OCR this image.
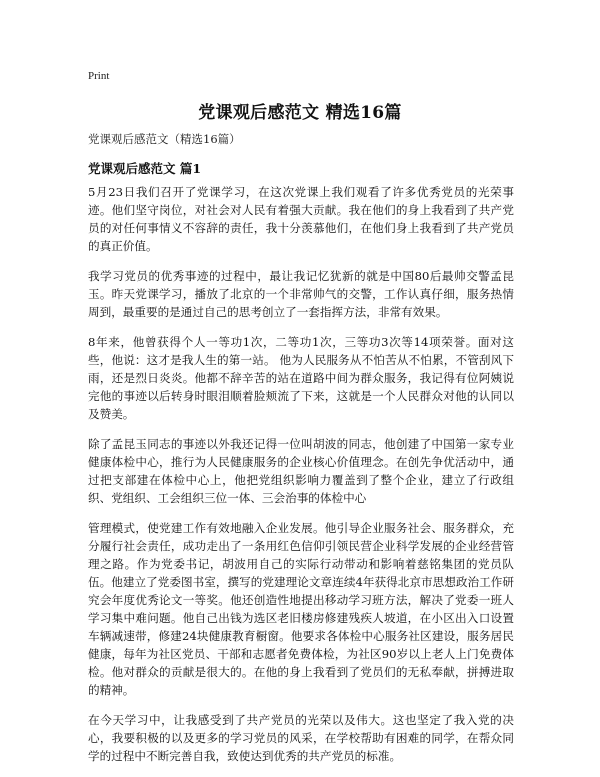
Print
党课观后感范文 精选16篇
党课观后感范文（精选16篇）
党课观后感范文 篇1

5月23日我们召开了党课学习，在这次党课上我们观看了许多优秀党员的光荣事迹。他们坚守岗位，对社会对人民有着强大贡献。我在他们的身上我看到了共产党员的对任何事情义不容辞的责任，我十分羡慕他们，在他们身上我看到了共产党员的真正价值。

我学习党员的优秀事迹的过程中，最让我记忆犹新的就是中国80后最帅交警孟昆玉。昨天党课学习，播放了北京的一个非常帅气的交警，工作认真仔细，服务热情周到，最重要的是通过自己的思考创立了一套指挥方法，非常有效果。

8年来，他曾获得个人一等功1次，二等功1次，三等功3次等14项荣誉。面对这些，他说：这才是我人生的第一站。 他为人民服务从不怕苦从不怕累，不管刮风下雨，还是烈日炎炎。他都不辞辛苦的站在道路中间为群众服务，我记得有位阿姨说完他的事迹以后转身时眼泪顺着脸颊流了下来，这就是一个人民群众对他的认同以及赞美。

除了孟昆玉同志的事迹以外我还记得一位叫胡波的同志，他创建了中国第一家专业健康体检中心，推行为人民健康服务的企业核心价值理念。在创先争优活动中，通过把支部建在体检中心上，他把党组织影响力覆盖到了整个企业，建立了行政组织、党组织、工会组织三位一体、三会治事的体检中心

管理模式，使党建工作有效地融入企业发展。他引导企业服务社会、服务群众，充分履行社会责任，成功走出了一条用红色信仰引领民营企业科学发展的企业经营管理之路。作为党委书记，胡波用自己的实际行动带动和影响着慈铭集团的党员队伍。他建立了党委图书室，撰写的党建理论文章连续4年获得北京市思想政治工作研究会年度优秀论文一等奖。他还创造性地提出移动学习班方法，解决了党委一班人学习集中难问题。他自己出钱为选区老旧楼房修建残疾人坡道，在小区出入口设置车辆减速带，修建24块健康教育橱窗。他要求各体检中心服务社区建设，服务居民健康，每年为社区党员、干部和志愿者免费体检，为社区90岁以上老人上门免费体检。他对群众的贡献是很大的。在他的身上我看到了党员们的无私奉献，拼搏进取的精神。

在今天学习中，让我感受到了共产党员的光荣以及伟大。这也坚定了我入党的决心，我要积极的以及更多的学习党员的风采，在学校帮助有困难的同学，在帮众同学的过程中不断完善自我，致使达到优秀的共产党员的标准。
